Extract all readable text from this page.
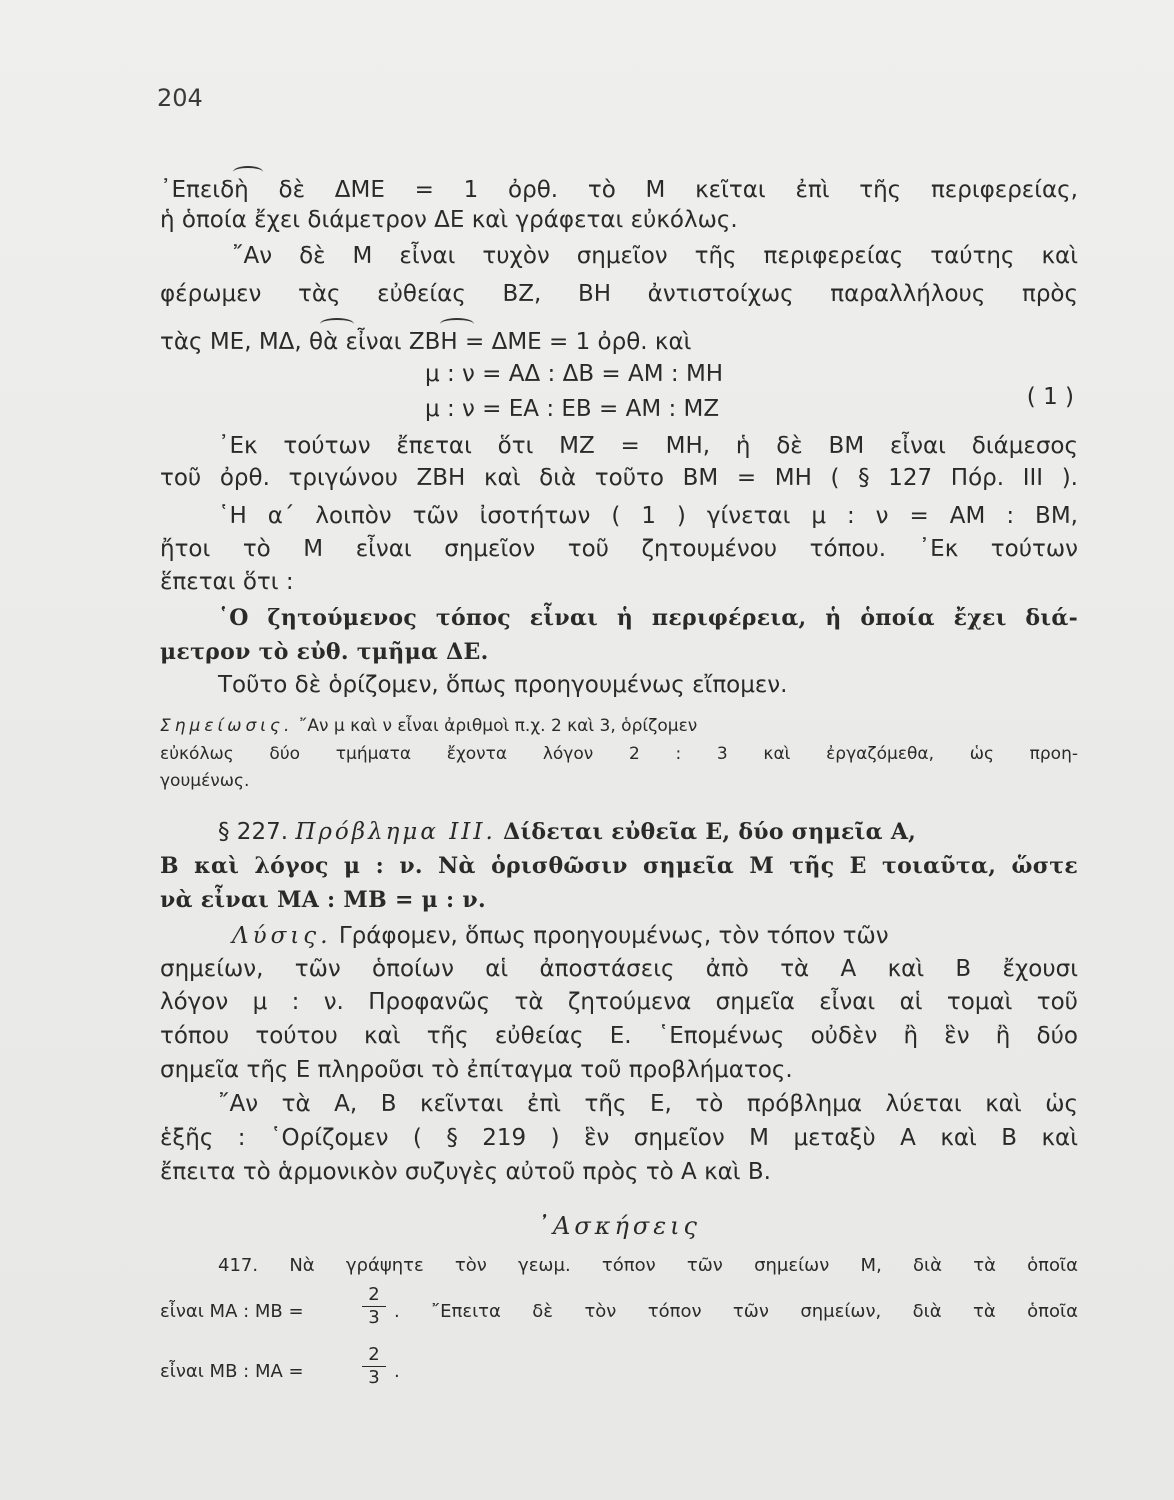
204
᾿Επειδὴ δὲ ΔΜΕ = 1 ὀρθ. τὸ Μ κεῖται ἐπὶ τῆς περιφερείας,
ἡ ὁποία ἔχει διάμετρον ΔΕ καὶ γράφεται εὐκόλως.
῎Αν δὲ Μ εἶναι τυχὸν σημεῖον τῆς περιφερείας ταύτης καὶ
φέρωμεν τὰς εὐθείας ΒΖ, ΒΗ ἀντιστοίχως παραλλήλους πρὸς
τὰς ΜΕ, ΜΔ, θὰ εἶναι ΖΒΗ = ΔΜΕ = 1 ὀρθ. καὶ
μ : ν = ΑΔ : ΔΒ = ΑΜ : ΜΗ
μ : ν = ΕΑ : ΕΒ = ΑΜ : ΜΖ	( 1 )
᾿Εκ τούτων ἔπεται ὅτι ΜΖ = ΜΗ, ἡ δὲ ΒΜ εἶναι διάμεσος
τοῦ ὀρθ. τριγώνου ΖΒΗ καὶ διὰ τοῦτο ΒΜ = ΜΗ ( § 127 Πόρ. ΙΙΙ ).
῾Η α΄ λοιπὸν τῶν ἰσοτήτων ( 1 ) γίνεται μ : ν = ΑΜ : ΒΜ,
ἤτοι τὸ Μ εἶναι σημεῖον τοῦ ζητουμένου τόπου. ᾿Εκ τούτων
ἕπεται ὅτι :
῾Ο ζητούμενος τόπος εἶναι ἡ περιφέρεια, ἡ ὁποία ἔχει διά-
μετρον τὸ εὐθ. τμῆμα ΔΕ.
Τοῦτο δὲ ὁρίζομεν, ὅπως προηγουμένως εἴπομεν.
Σημείωσις. ῎Αν μ καὶ ν εἶναι ἀριθμοὶ π.χ. 2 καὶ 3, ὁρίζομεν
εὐκόλως δύο τμήματα ἔχοντα λόγον 2 : 3 καὶ ἐργαζόμεθα, ὡς προη-
γουμένως.
§ 227. Πρόβλημα ΙΙΙ. Δίδεται εὐθεῖα Ε, δύο σημεῖα Α,
Β καὶ λόγος μ : ν. Νὰ ὁρισθῶσιν σημεῖα Μ τῆς Ε τοιαῦτα, ὥστε
νὰ εἶναι ΜΑ : ΜΒ = μ : ν.
Λύσις. Γράφομεν, ὅπως προηγουμένως, τὸν τόπον τῶν
σημείων, τῶν ὁποίων αἱ ἀποστάσεις ἀπὸ τὰ Α καὶ Β ἔχουσι
λόγον μ : ν. Προφανῶς τὰ ζητούμενα σημεῖα εἶναι αἱ τομαὶ τοῦ
τόπου τούτου καὶ τῆς εὐθείας Ε. ῾Επομένως οὐδὲν ἢ ἓν ἢ δύο
σημεῖα τῆς Ε πληροῦσι τὸ ἐπίταγμα τοῦ προβλήματος.
῎Αν τὰ Α, Β κεῖνται ἐπὶ τῆς Ε, τὸ πρόβλημα λύεται καὶ ὡς
ἑξῆς : ῾Ορίζομεν ( § 219 ) ἓν σημεῖον Μ μεταξὺ Α καὶ Β καὶ
ἔπειτα τὸ ἁρμονικὸν συζυγὲς αὐτοῦ πρὸς τὸ Α καὶ Β.
᾿Ασκήσεις
417. Νὰ γράψητε τὸν γεωμ. τόπον τῶν σημείων Μ, διὰ τὰ ὁποῖα
εἶναι ΜΑ : ΜΒ =	$\frac{2}{3}$ . ῎Επειτα δὲ τὸν τόπον τῶν σημείων, διὰ τὰ ὁποῖα
εἶναι ΜΒ : ΜΑ =	$\frac{2}{3}$ .
